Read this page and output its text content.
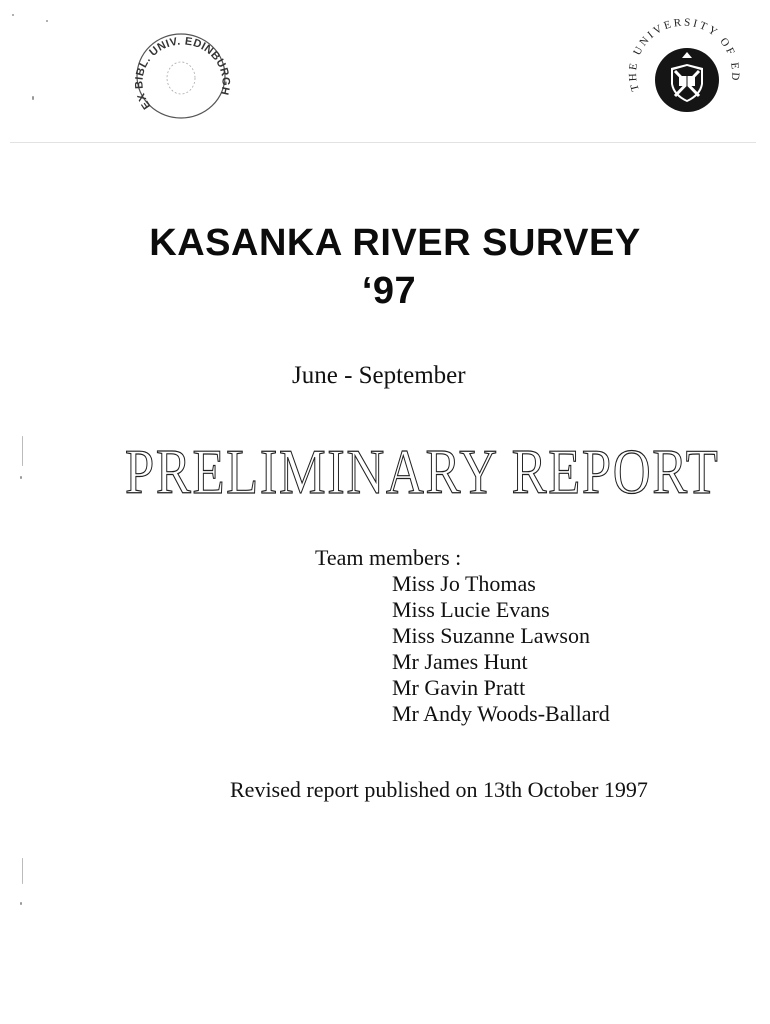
EX BIBL. UNIV. EDINBURGH	THE UNIVERSITY OF ED
KASANKA RIVER SURVEY
‘97
June - September
PRELIMINARY REPORT
Team members :
Miss Jo Thomas
Miss Lucie Evans
Miss Suzanne Lawson
Mr James Hunt
Mr Gavin Pratt
Mr Andy Woods-Ballard
Revised report published on 13th October 1997
